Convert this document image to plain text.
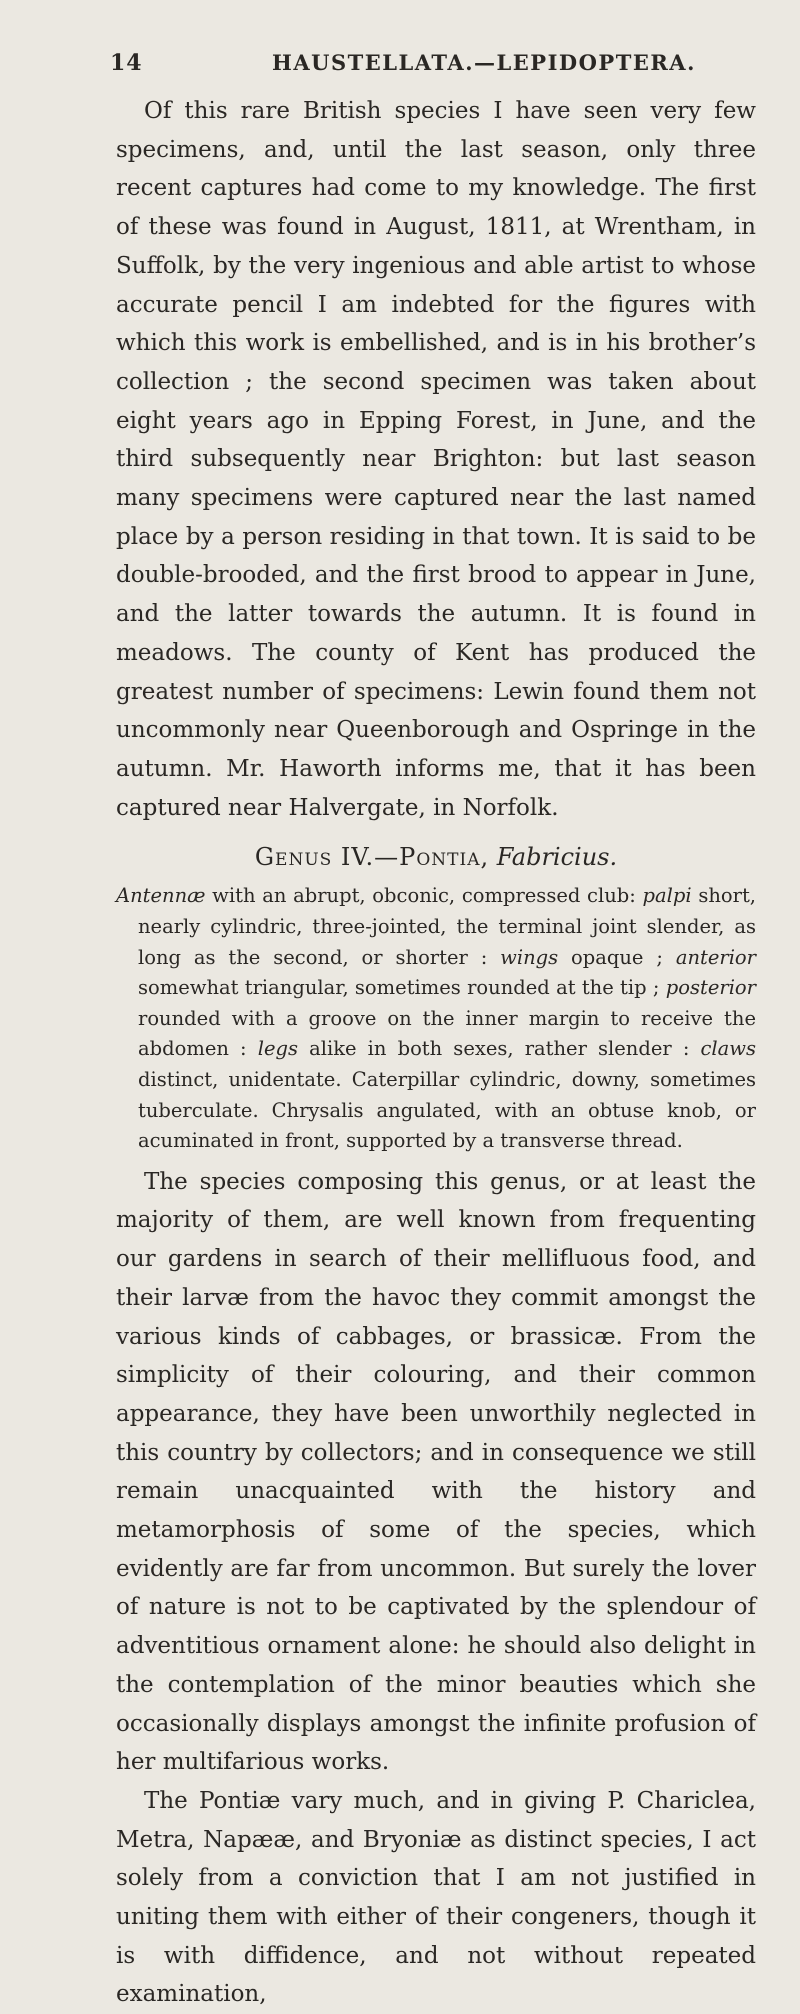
14	HAUSTELLATA.—LEPIDOPTERA.

Of this rare British species I have seen very few specimens, and, until the last season, only three recent captures had come to my knowledge. The first of these was found in August, 1811, at Wrentham, in Suffolk, by the very ingenious and able artist to whose accurate pencil I am indebted for the figures with which this work is embellished, and is in his brother’s collection ; the second specimen was taken about eight years ago in Epping Forest, in June, and the third subsequently near Brighton: but last season many specimens were captured near the last named place by a person residing in that town. It is said to be double-brooded, and the first brood to appear in June, and the latter towards the autumn. It is found in meadows. The county of Kent has produced the greatest number of specimens: Lewin found them not uncommonly near Queenborough and Ospringe in the autumn. Mr. Haworth informs me, that it has been captured near Halvergate, in Norfolk.

Genus IV.—Pontia, Fabricius.

Antennæ with an abrupt, obconic, compressed club: palpi short, nearly cylindric, three-jointed, the terminal joint slender, as long as the second, or shorter : wings opaque ; anterior somewhat triangular, sometimes rounded at the tip ; posterior rounded with a groove on the inner margin to receive the abdomen : legs alike in both sexes, rather slender : claws distinct, unidentate. Caterpillar cylindric, downy, sometimes tuberculate. Chrysalis angulated, with an obtuse knob, or acuminated in front, supported by a transverse thread.

The species composing this genus, or at least the majority of them, are well known from frequenting our gardens in search of their mellifluous food, and their larvæ from the havoc they commit amongst the various kinds of cabbages, or brassicæ. From the simplicity of their colouring, and their common appearance, they have been unworthily neglected in this country by collectors; and in consequence we still remain unacquainted with the history and metamorphosis of some of the species, which evidently are far from uncommon. But surely the lover of nature is not to be captivated by the splendour of adventitious ornament alone: he should also delight in the contemplation of the minor beauties which she occasionally displays amongst the infinite profusion of her multifarious works.

The Pontiæ vary much, and in giving P. Chariclea, Metra, Napææ, and Bryoniæ as distinct species, I act solely from a conviction that I am not justified in uniting them with either of their congeners, though it is with diffidence, and not without repeated examination,
